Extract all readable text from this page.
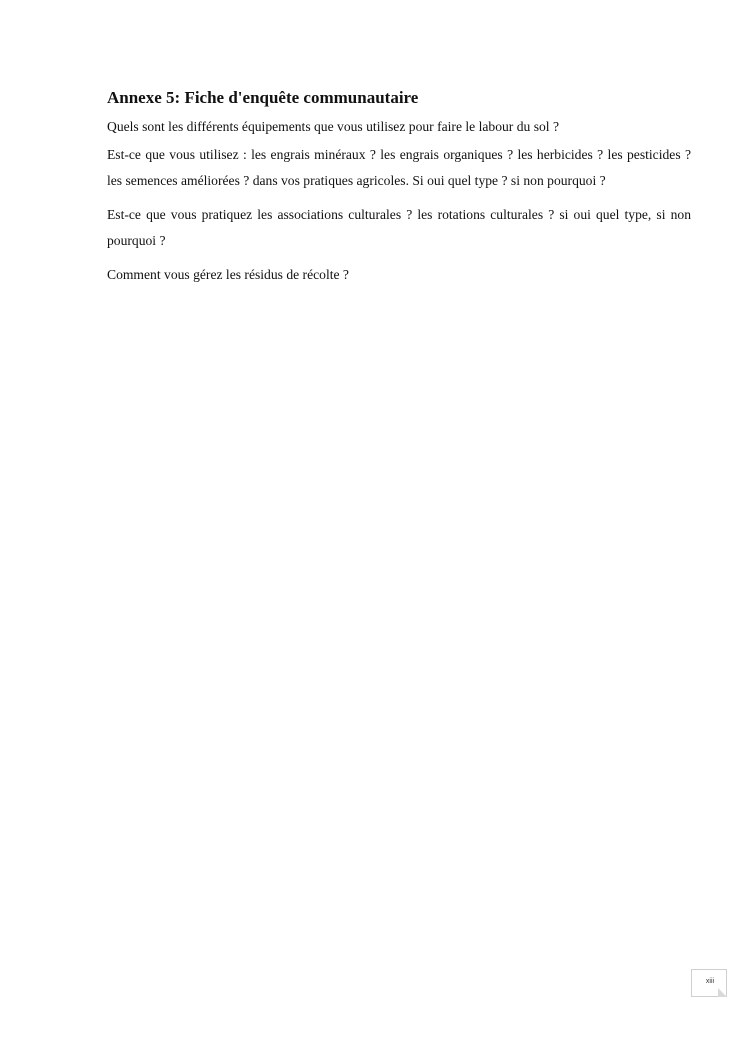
Annexe 5: Fiche d'enquête communautaire

Quels sont les différents équipements que vous utilisez pour faire le labour du sol ?

Est-ce que vous utilisez : les engrais minéraux ? les engrais organiques ? les herbicides ? les pesticides ? les semences améliorées ? dans vos pratiques agricoles. Si oui quel type ? si non pourquoi ?

Est-ce que vous pratiquez les associations culturales ? les rotations culturales ? si oui quel type, si non pourquoi ?

Comment vous gérez les résidus de récolte ?

xiii
